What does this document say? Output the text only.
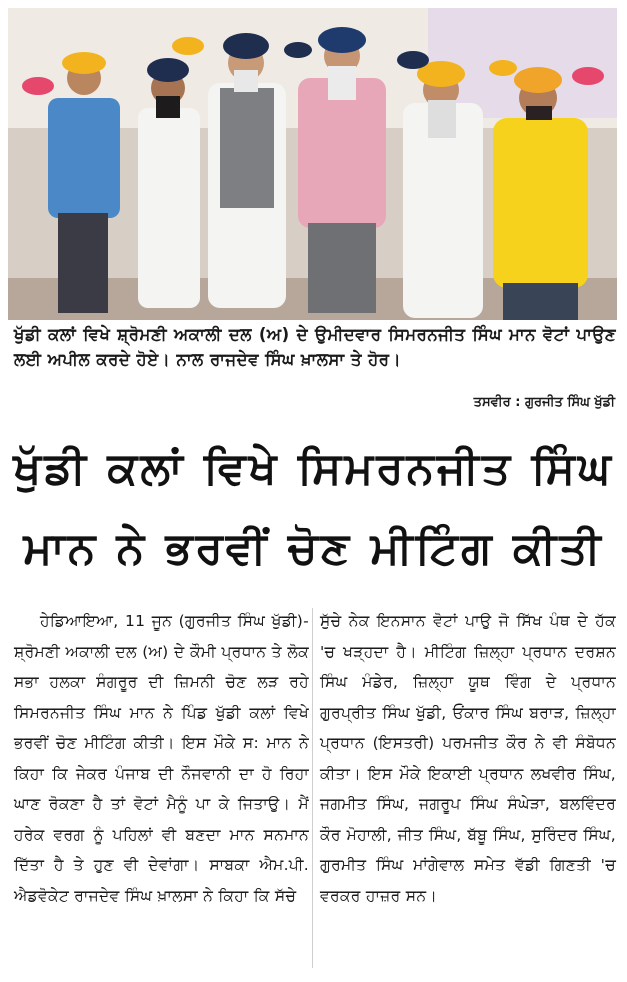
ਖੁੱਡੀ ਕਲਾਂ ਵਿਖੇ ਸ਼੍ਰੋਮਣੀ ਅਕਾਲੀ ਦਲ (ਅ) ਦੇ ਉਮੀਦਵਾਰ ਸਿਮਰਨਜੀਤ ਸਿੰਘ ਮਾਨ ਵੋਟਾਂ ਪਾਉਣ ਲਈ ਅਪੀਲ ਕਰਦੇ ਹੋਏ। ਨਾਲ ਰਾਜਦੇਵ ਸਿੰਘ ਖ਼ਾਲਸਾ ਤੇ ਹੋਰ।

ਤਸਵੀਰ : ਗੁਰਜੀਤ ਸਿੰਘ ਖੁੱਡੀ

ਖੁੱਡੀ ਕਲਾਂ ਵਿਖੇ ਸਿਮਰਨਜੀਤ ਸਿੰਘ
ਮਾਨ ਨੇ ਭਰਵੀਂ ਚੋਣ ਮੀਟਿੰਗ ਕੀਤੀ

ਹੇਡਿਆਇਆ, 11 ਜੂਨ (ਗੁਰਜੀਤ ਸਿੰਘ ਖੁੱਡੀ)-ਸ਼੍ਰੋਮਣੀ ਅਕਾਲੀ ਦਲ (ਅ) ਦੇ ਕੌਮੀ ਪ੍ਰਧਾਨ ਤੇ ਲੋਕ ਸਭਾ ਹਲਕਾ ਸੰਗਰੂਰ ਦੀ ਜ਼ਿਮਨੀ ਚੋਣ ਲੜ ਰਹੇ ਸਿਮਰਨਜੀਤ ਸਿੰਘ ਮਾਨ ਨੇ ਪਿੰਡ ਖੁੱਡੀ ਕਲਾਂ ਵਿਖੇ ਭਰਵੀਂ ਚੋਣ ਮੀਟਿੰਗ ਕੀਤੀ। ਇਸ ਮੌਕੇ ਸ: ਮਾਨ ਨੇ ਕਿਹਾ ਕਿ ਜੇਕਰ ਪੰਜਾਬ ਦੀ ਨੌਜਵਾਨੀ ਦਾ ਹੋ ਰਿਹਾ ਘਾਣ ਰੋਕਣਾ ਹੈ ਤਾਂ ਵੋਟਾਂ ਮੈਨੂੰ ਪਾ ਕੇ ਜਿਤਾਉ। ਮੈਂ ਹਰੇਕ ਵਰਗ ਨੂੰ ਪਹਿਲਾਂ ਵੀ ਬਣਦਾ ਮਾਨ ਸਨਮਾਨ ਦਿੱਤਾ ਹੈ ਤੇ ਹੁਣ ਵੀ ਦੇਵਾਂਗਾ। ਸਾਬਕਾ ਐਮ.ਪੀ. ਐਡਵੋਕੇਟ ਰਾਜਦੇਵ ਸਿੰਘ ਖ਼ਾਲਸਾ ਨੇ ਕਿਹਾ ਕਿ ਸੱਚੇ

ਸੁੱਚੇ ਨੇਕ ਇਨਸਾਨ ਵੋਟਾਂ ਪਾਉ ਜੋ ਸਿੱਖ ਪੰਥ ਦੇ ਹੱਕ 'ਚ ਖੜ੍ਹਦਾ ਹੈ। ਮੀਟਿੰਗ ਜ਼ਿਲ੍ਹਾ ਪ੍ਰਧਾਨ ਦਰਸ਼ਨ ਸਿੰਘ ਮੰਡੇਰ, ਜ਼ਿਲ੍ਹਾ ਯੂਥ ਵਿੰਗ ਦੇ ਪ੍ਰਧਾਨ ਗੁਰਪ੍ਰੀਤ ਸਿੰਘ ਖੁੱਡੀ, ਓਂਕਾਰ ਸਿੰਘ ਬਰਾੜ, ਜ਼ਿਲ੍ਹਾ ਪ੍ਰਧਾਨ (ਇਸਤਰੀ) ਪਰਮਜੀਤ ਕੌਰ ਨੇ ਵੀ ਸੰਬੋਧਨ ਕੀਤਾ। ਇਸ ਮੌਕੇ ਇਕਾਈ ਪ੍ਰਧਾਨ ਲਖਵੀਰ ਸਿੰਘ, ਜਗਮੀਤ ਸਿੰਘ, ਜਗਰੂਪ ਸਿੰਘ ਸੰਘੇੜਾ, ਬਲਵਿੰਦਰ ਕੌਰ ਮੋਹਾਲੀ, ਜੀਤ ਸਿੰਘ, ਬੱਬੂ ਸਿੰਘ, ਸੁਰਿੰਦਰ ਸਿੰਘ, ਗੁਰਮੀਤ ਸਿੰਘ ਮਾਂਗੇਵਾਲ ਸਮੇਤ ਵੱਡੀ ਗਿਣਤੀ 'ਚ ਵਰਕਰ ਹਾਜ਼ਰ ਸਨ।
